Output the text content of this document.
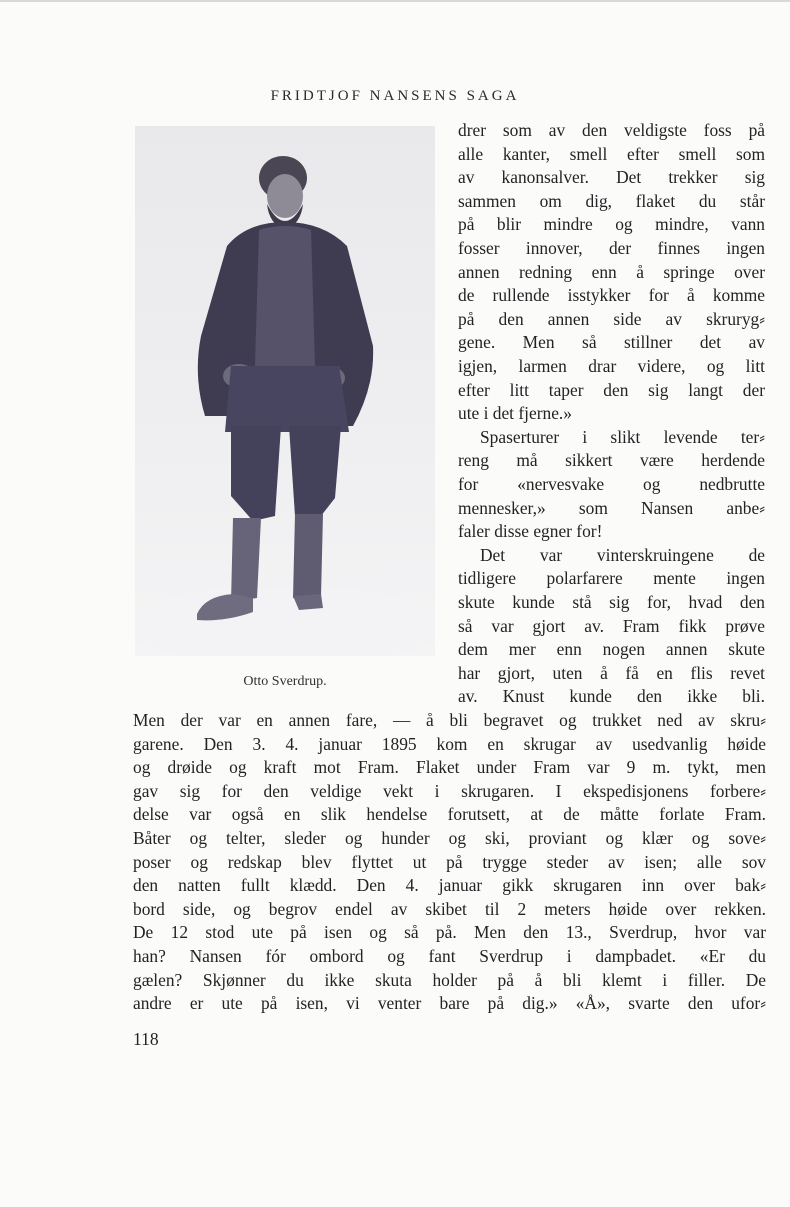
FRIDTJOF NANSENS SAGA
Otto Sverdrup.
drer som av den veldigste foss på
alle kanter, smell efter smell som
av kanonsalver. Det trekker sig
sammen om dig, flaket du står
på blir mindre og mindre, vann
fosser innover, der finnes ingen
annen redning enn å springe over
de rullende isstykker for å komme
på den annen side av skruryg⸗
gene. Men så stillner det av
igjen, larmen drar videre, og litt
efter litt taper den sig langt der
ute i det fjerne.»
Spaserturer i slikt levende ter⸗
reng må sikkert være herdende
for «nervesvake og nedbrutte
mennesker,» som Nansen anbe⸗
faler disse egner for!
Det var vinterskruingene de
tidligere polarfarere mente ingen
skute kunde stå sig for, hvad den
så var gjort av. Fram fikk prøve
dem mer enn nogen annen skute
har gjort, uten å få en flis revet
av. Knust kunde den ikke bli.
Men der var en annen fare, — å bli begravet og trukket ned av skru⸗
garene. Den 3. 4. januar 1895 kom en skrugar av usedvanlig høide
og drøide og kraft mot Fram. Flaket under Fram var 9 m. tykt, men
gav sig for den veldige vekt i skrugaren. I ekspedisjonens forbere⸗
delse var også en slik hendelse forutsett, at de måtte forlate Fram.
Båter og telter, sleder og hunder og ski, proviant og klær og sove⸗
poser og redskap blev flyttet ut på trygge steder av isen; alle sov
den natten fullt klædd. Den 4. januar gikk skrugaren inn over bak⸗
bord side, og begrov endel av skibet til 2 meters høide over rekken.
De 12 stod ute på isen og så på. Men den 13., Sverdrup, hvor var
han? Nansen fór ombord og fant Sverdrup i dampbadet. «Er du
gælen? Skjønner du ikke skuta holder på å bli klemt i filler. De
andre er ute på isen, vi venter bare på dig.» «Å», svarte den ufor⸗
118
